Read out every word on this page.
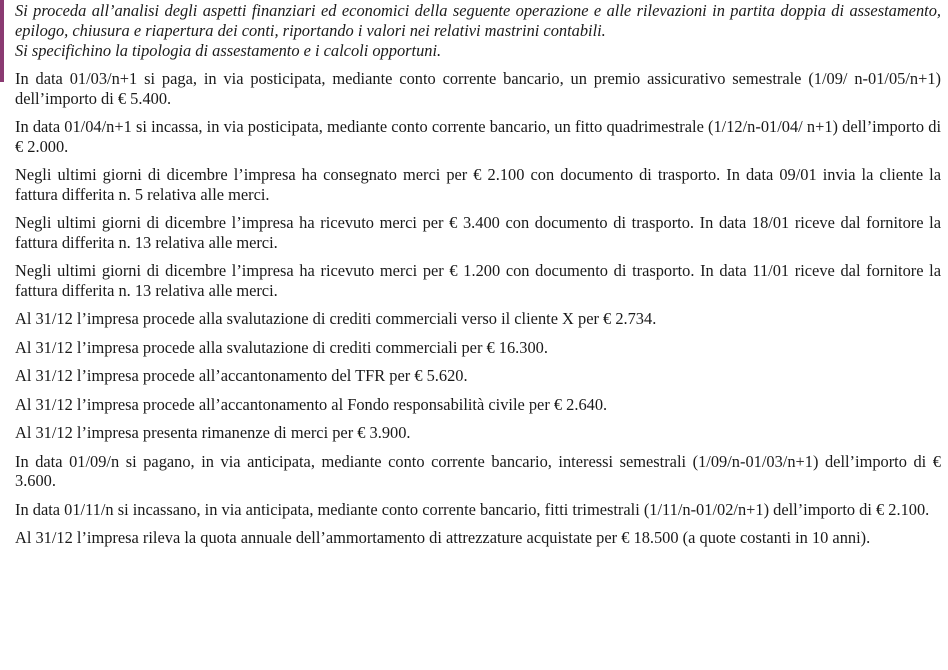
Si proceda all’analisi degli aspetti finanziari ed economici della seguente operazione e alle rilevazioni in partita doppia di assestamento, epilogo, chiusura e riapertura dei conti, riportando i valori nei relativi mastrini contabili.

Si specifichino la tipologia di assestamento e i calcoli opportuni.

In data 01/03/n+1 si paga, in via posticipata, mediante conto corrente bancario, un premio assicurativo semestrale (1/09/ n-01/05/n+1) dell’importo di € 5.400.

In data 01/04/n+1 si incassa, in via posticipata, mediante conto corrente bancario, un fitto quadrimestrale (1/12/n-01/04/ n+1) dell’importo di € 2.000.

Negli ultimi giorni di dicembre l’impresa ha consegnato merci per € 2.100 con documento di trasporto. In data 09/01 invia la cliente la fattura differita n. 5 relativa alle merci.

Negli ultimi giorni di dicembre l’impresa ha ricevuto merci per € 3.400 con documento di trasporto. In data 18/01 riceve dal fornitore la fattura differita n. 13 relativa alle merci.

Negli ultimi giorni di dicembre l’impresa ha ricevuto merci per € 1.200 con documento di trasporto. In data 11/01 riceve dal fornitore la fattura differita n. 13 relativa alle merci.

Al 31/12 l’impresa procede alla svalutazione di crediti commerciali verso il cliente X per € 2.734.

Al 31/12 l’impresa procede alla svalutazione di crediti commerciali per € 16.300.

Al 31/12 l’impresa procede all’accantonamento del TFR per € 5.620.

Al 31/12 l’impresa procede all’accantonamento al Fondo responsabilità civile per € 2.640.

Al 31/12 l’impresa presenta rimanenze di merci per € 3.900.

In data 01/09/n si pagano, in via anticipata, mediante conto corrente bancario, interessi semestrali (1/09/n-01/03/n+1) dell’importo di € 3.600.

In data 01/11/n si incassano, in via anticipata, mediante conto corrente bancario, fitti trimestrali (1/11/n-01/02/n+1) dell’importo di € 2.100.

Al 31/12 l’impresa rileva la quota annuale dell’ammortamento di attrezzature acquistate per € 18.500 (a quote costanti in 10 anni).
